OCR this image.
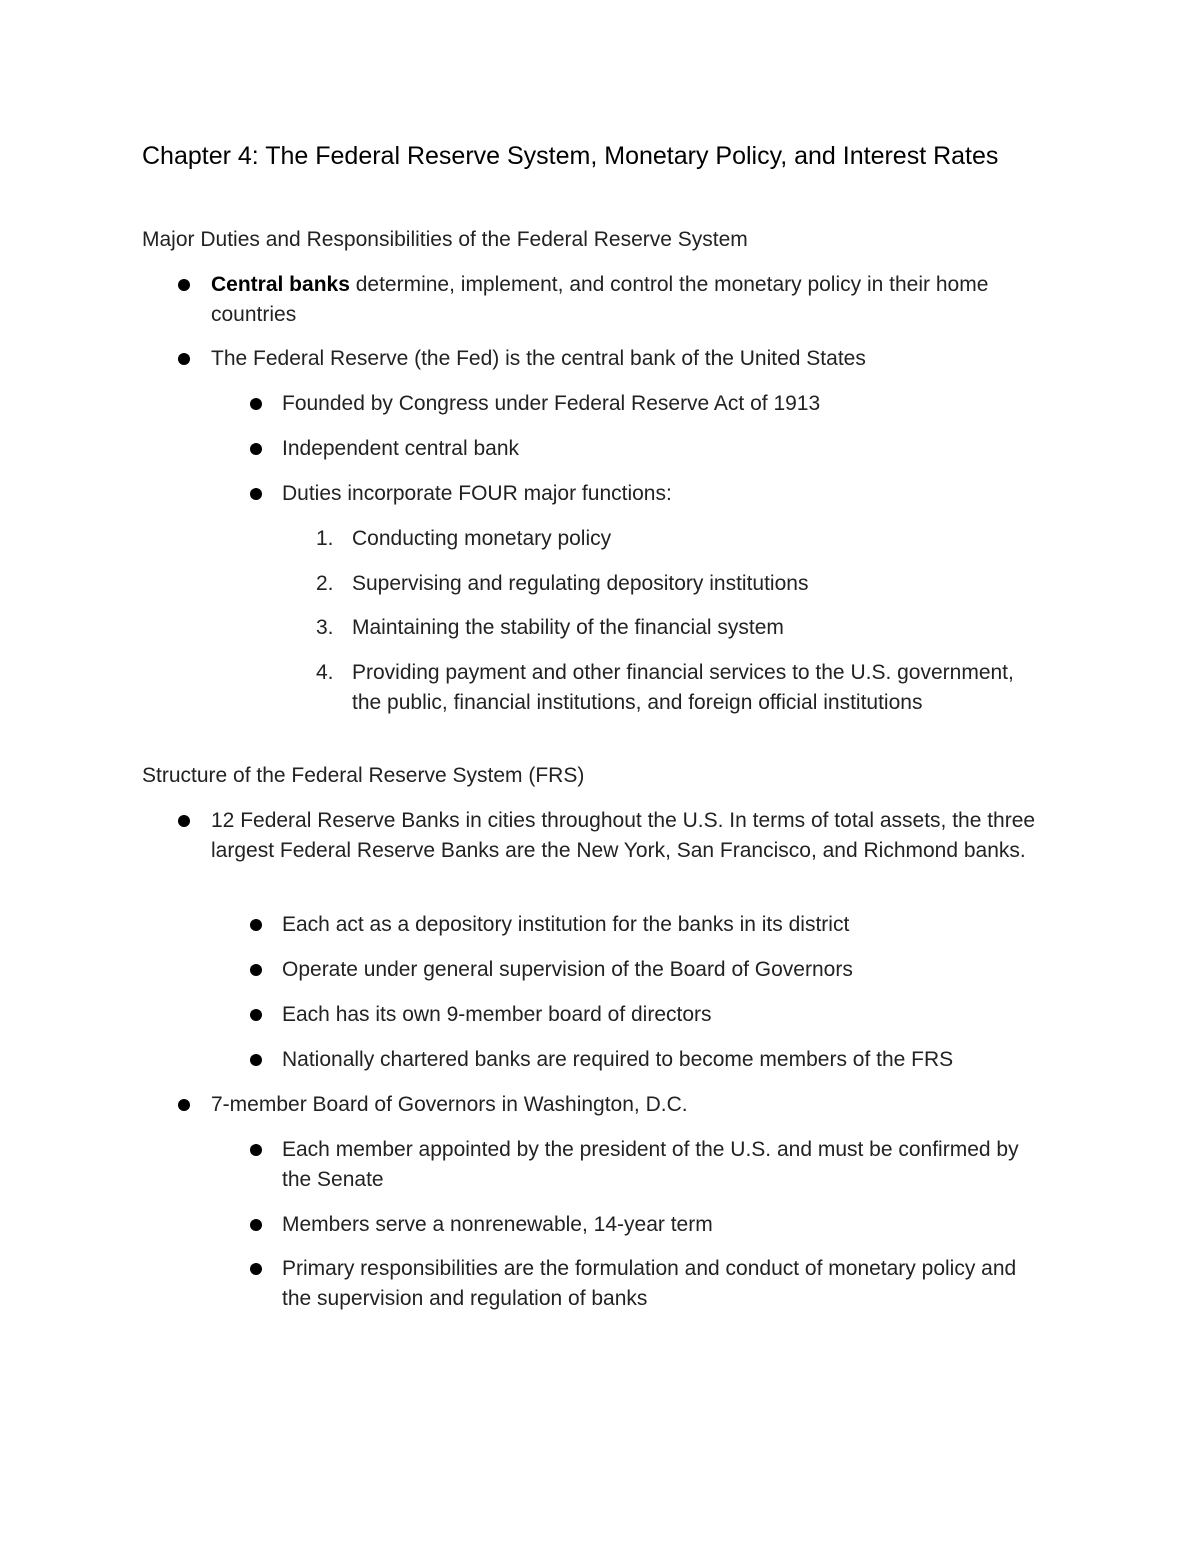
Chapter 4: The Federal Reserve System, Monetary Policy, and Interest Rates

Major Duties and Responsibilities of the Federal Reserve System

Central banks determine, implement, and control the monetary policy in their home countries
The Federal Reserve (the Fed) is the central bank of the United States
Founded by Congress under Federal Reserve Act of 1913
Independent central bank
Duties incorporate FOUR major functions:
1. Conducting monetary policy
2. Supervising and regulating depository institutions
3. Maintaining the stability of the financial system
4. Providing payment and other financial services to the U.S. government, the public, financial institutions, and foreign official institutions

Structure of the Federal Reserve System (FRS)

12 Federal Reserve Banks in cities throughout the U.S. In terms of total assets, the three largest Federal Reserve Banks are the New York, San Francisco, and Richmond banks.
Each act as a depository institution for the banks in its district
Operate under general supervision of the Board of Governors
Each has its own 9-member board of directors
Nationally chartered banks are required to become members of the FRS
7-member Board of Governors in Washington, D.C.
Each member appointed by the president of the U.S. and must be confirmed by the Senate
Members serve a nonrenewable, 14-year term
Primary responsibilities are the formulation and conduct of monetary policy and the supervision and regulation of banks
